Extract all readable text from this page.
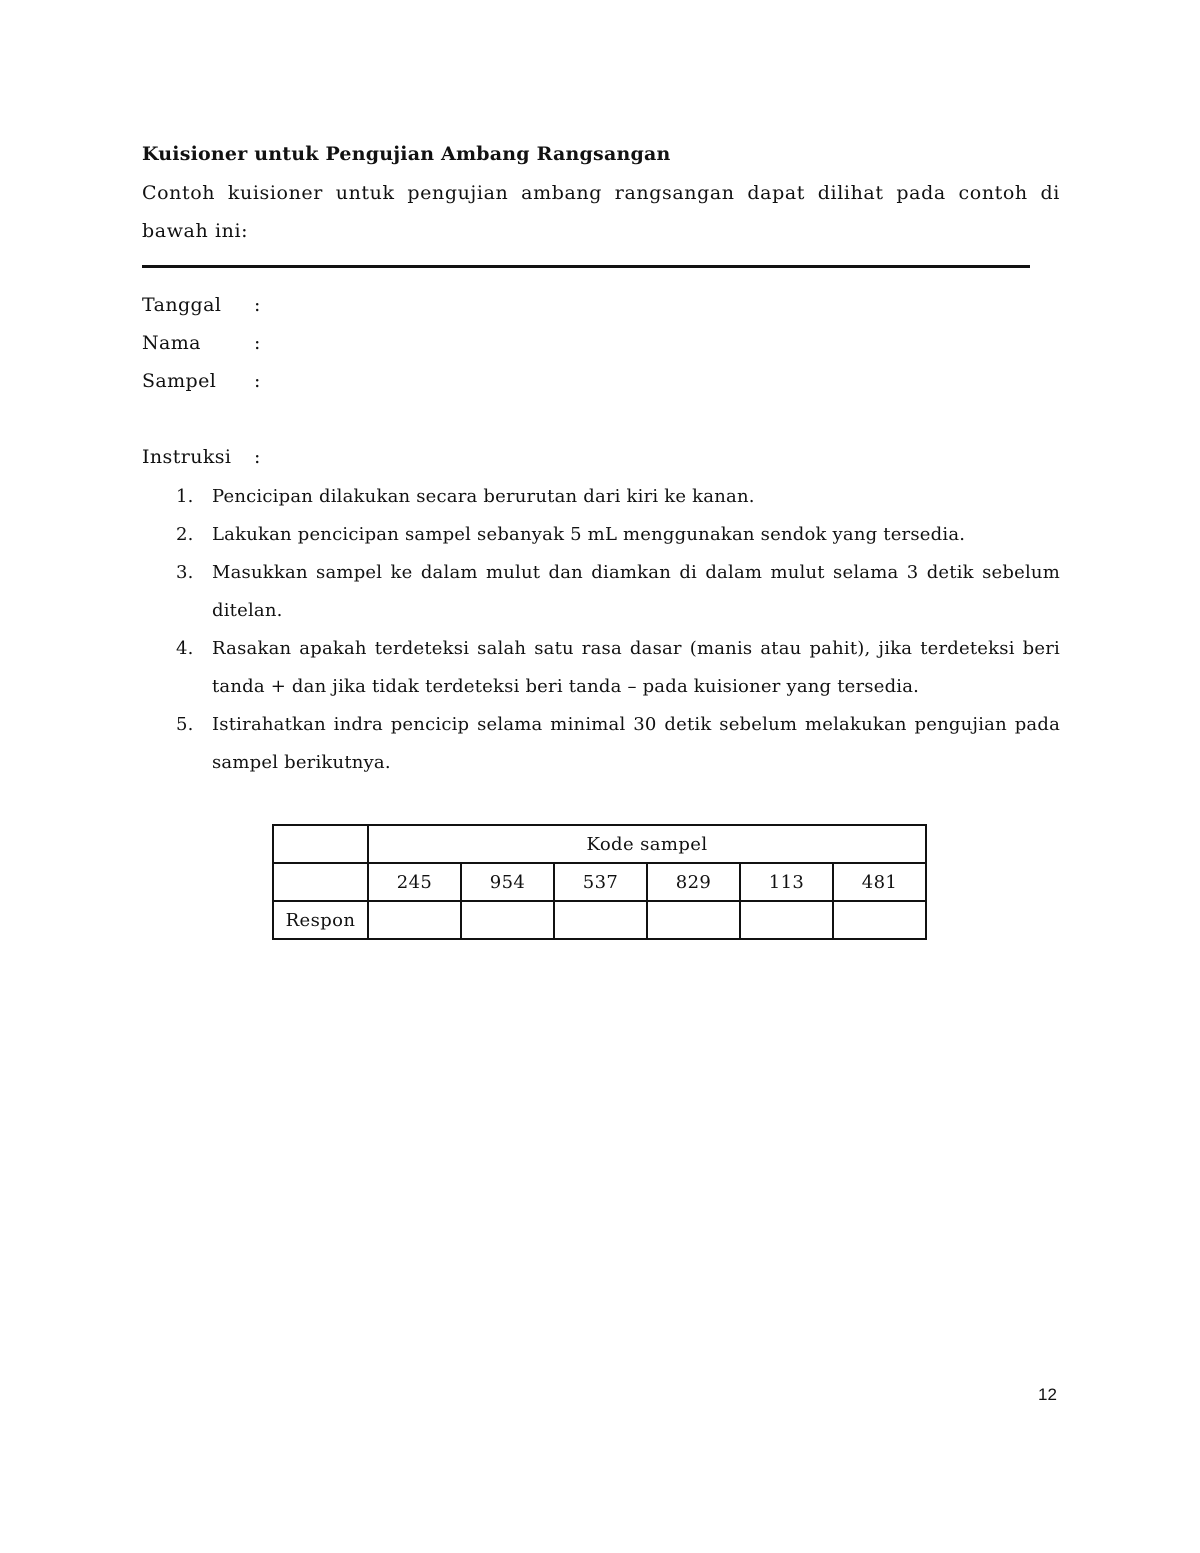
Kuisioner untuk Pengujian Ambang Rangsangan
Contoh kuisioner untuk pengujian ambang rangsangan dapat dilihat pada contoh di bawah ini:
Tanggal :
Nama	:
Sampel :
Instruksi :
1. Pencicipan dilakukan secara berurutan dari kiri ke kanan.
2. Lakukan pencicipan sampel sebanyak 5 mL menggunakan sendok yang tersedia.
3. Masukkan sampel ke dalam mulut dan diamkan di dalam mulut selama 3 detik sebelum ditelan.
4. Rasakan apakah terdeteksi salah satu rasa dasar (manis atau pahit), jika terdeteksi beri tanda + dan jika tidak terdeteksi beri tanda – pada kuisioner yang tersedia.
5. Istirahatkan indra pencicip selama minimal 30 detik sebelum melakukan pengujian pada sampel berikutnya.
	Kode sampel					
	245	954	537	829	113	481
Respon						
12
